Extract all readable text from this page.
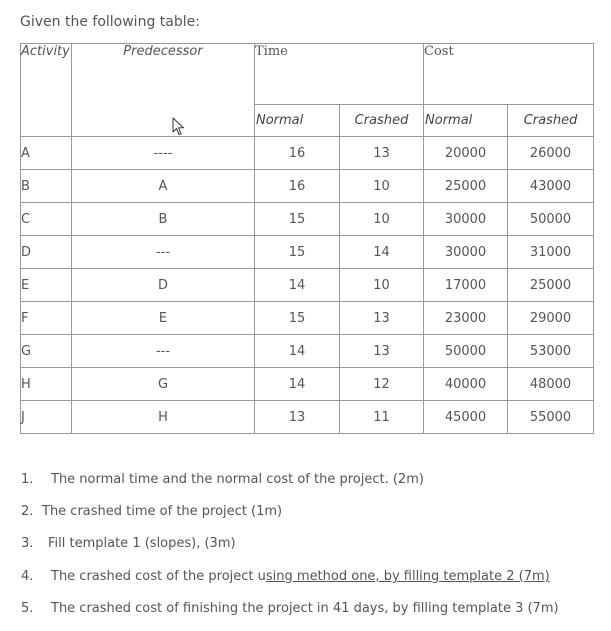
Given the following table:
Activity	Predecessor	Time		Cost	
		Normal	Crashed	Normal	Crashed
A	----	16	13	20000	26000
B	A	16	10	25000	43000
C	B	15	10	30000	50000
D	---	15	14	30000	31000
E	D	14	10	17000	25000
F	E	15	13	23000	29000
G	---	14	13	50000	53000
H	G	14	12	40000	48000
J	H	13	11	45000	55000
1. The normal time and the normal cost of the project. (2m)
2. The crashed time of the project (1m)
3. Fill template 1 (slopes), (3m)
4. The crashed cost of the project using method one, by filling template 2 (7m)
5. The crashed cost of finishing the project in 41 days, by filling template 3 (7m)
